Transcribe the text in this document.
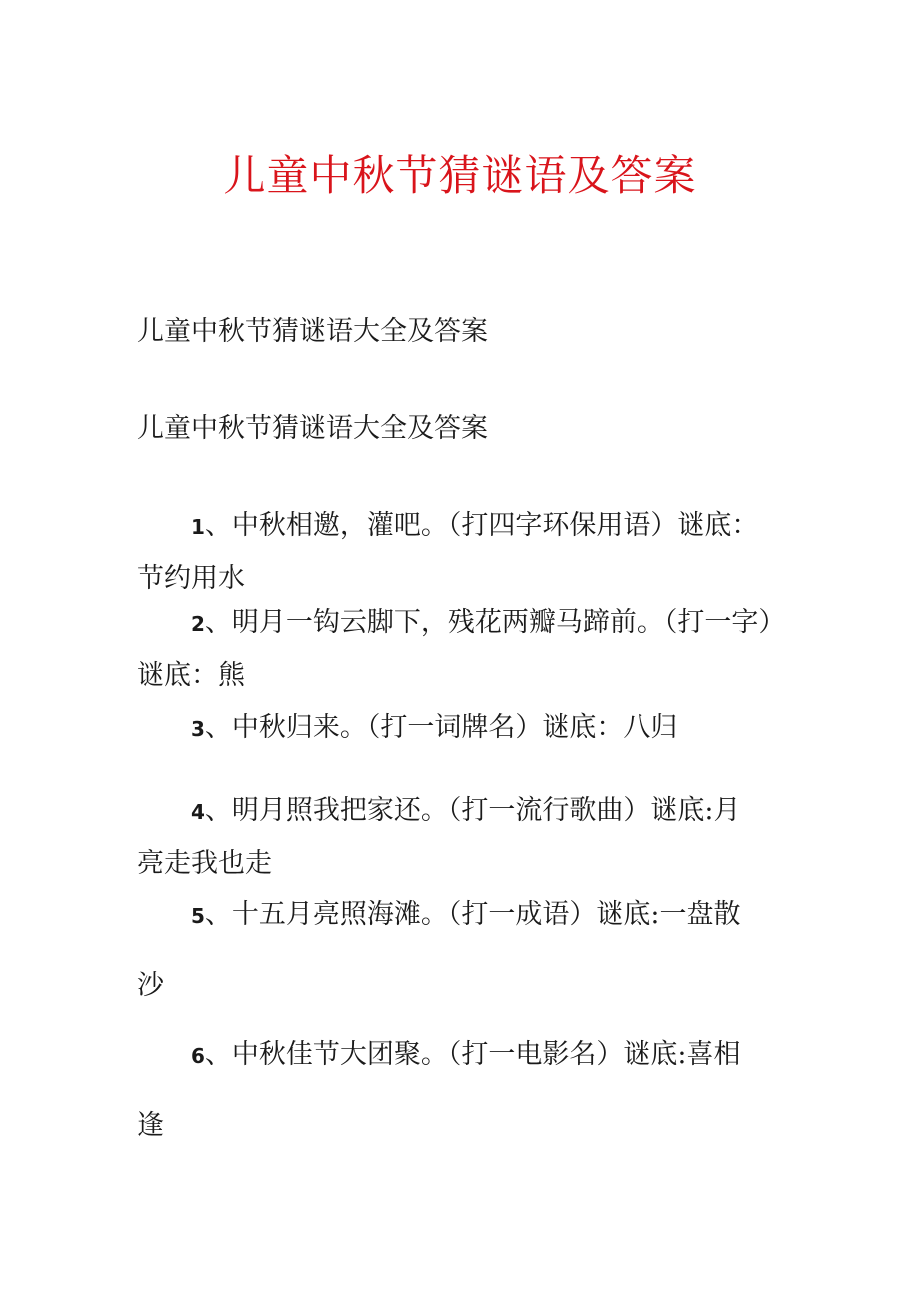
儿童中秋节猜谜语及答案
儿童中秋节猜谜语大全及答案
儿童中秋节猜谜语大全及答案
1、中秋相邀，灌吧。（打四字环保用语）谜底：
节约用水
2、明月一钩云脚下，残花两瓣马蹄前。（打一字）
谜底：熊
3、中秋归来。（打一词牌名）谜底：八归
4、明月照我把家还。（打一流行歌曲）谜底:月
亮走我也走
5、十五月亮照海滩。（打一成语）谜底:一盘散
沙
6、中秋佳节大团聚。（打一电影名）谜底:喜相
逢
